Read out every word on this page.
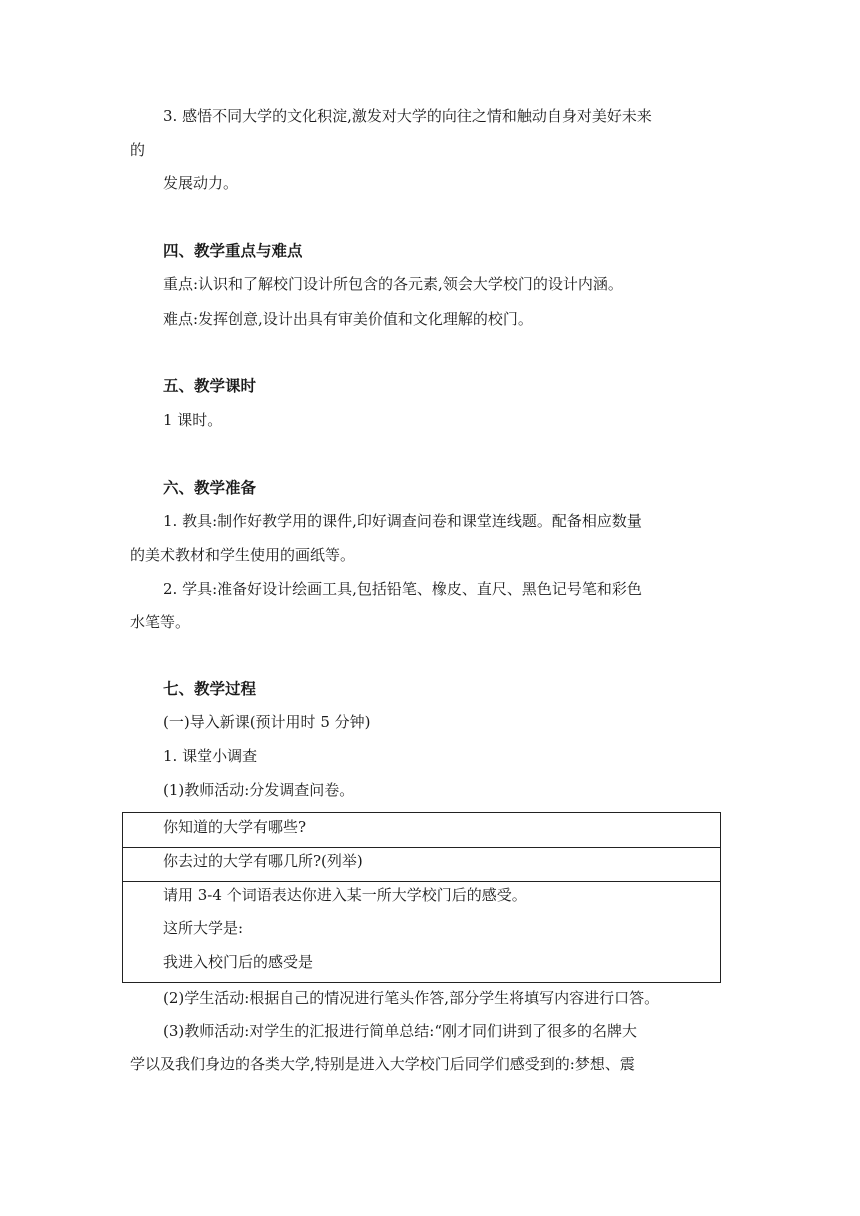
3. 感悟不同大学的文化积淀,激发对大学的向往之情和触动自身对美好未来
的
发展动力。
四、教学重点与难点
重点:认识和了解校门设计所包含的各元素,领会大学校门的设计内涵。
难点:发挥创意,设计出具有审美价值和文化理解的校门。
五、教学课时
1 课时。
六、教学准备
1. 教具:制作好教学用的课件,印好调查问卷和课堂连线题。配备相应数量
的美术教材和学生使用的画纸等。
2. 学具:准备好设计绘画工具,包括铅笔、橡皮、直尺、黑色记号笔和彩色
水笔等。
七、教学过程
(一)导入新课(预计用时 5 分钟)
1. 课堂小调查
(1)教师活动:分发调查问卷。
你知道的大学有哪些?
你去过的大学有哪几所?(列举)
请用 3-4 个词语表达你进入某一所大学校门后的感受。
这所大学是:
我进入校门后的感受是
(2)学生活动:根据自己的情况进行笔头作答,部分学生将填写内容进行口答。
(3)教师活动:对学生的汇报进行简单总结:“刚才同们讲到了很多的名牌大
学以及我们身边的各类大学,特别是进入大学校门后同学们感受到的:梦想、震
